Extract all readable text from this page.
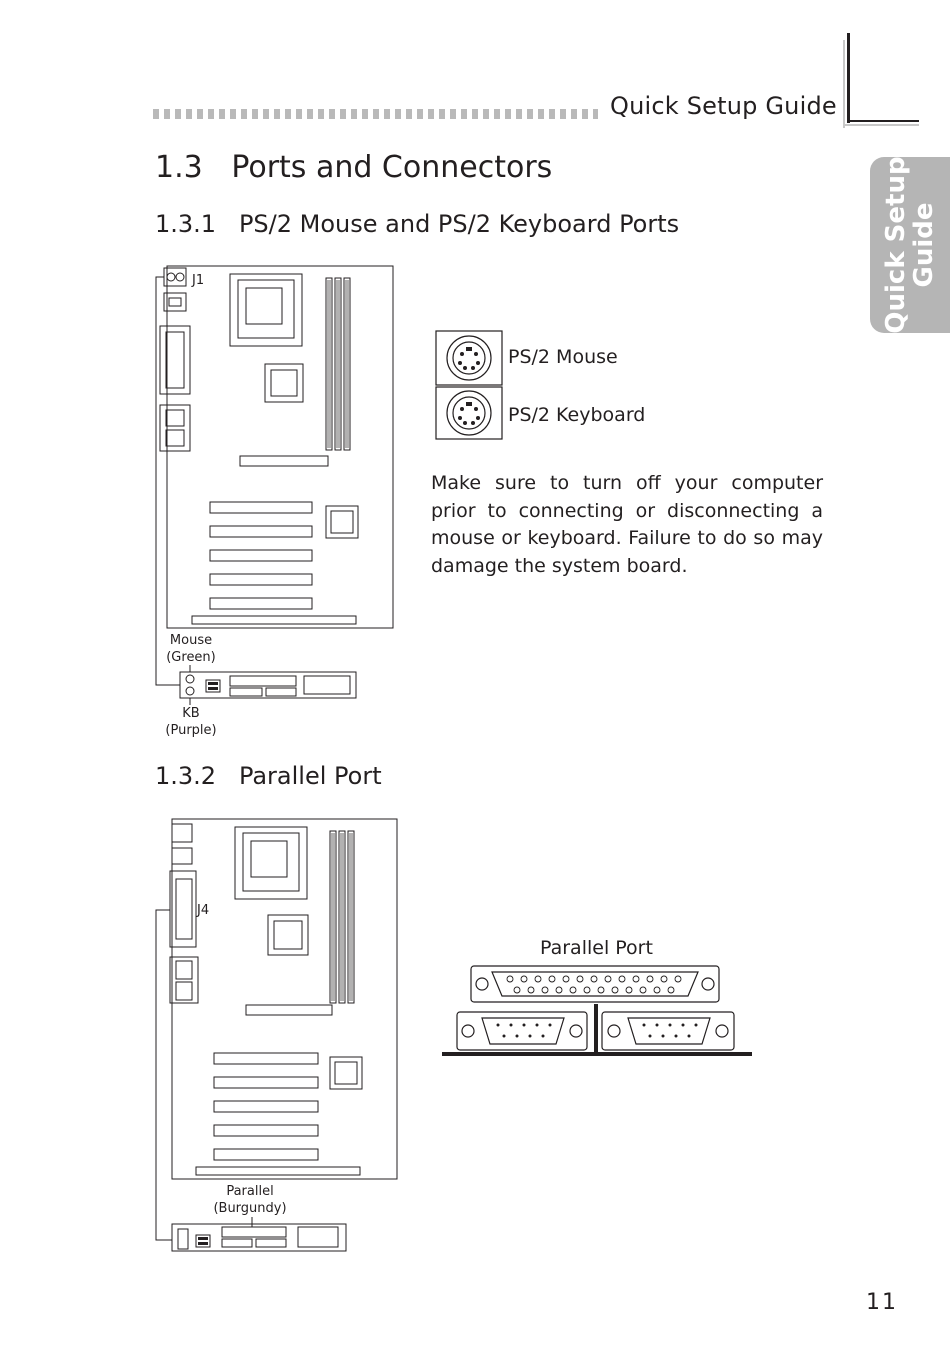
Quick Setup Guide
Quick Setup
Guide
1.3   Ports and Connectors
1.3.1   PS/2 Mouse and PS/2 Keyboard Ports
J1
Mouse
(Green)
KB
(Purple)
PS/2 Mouse
PS/2 Keyboard

Make sure to turn off your computer prior to connecting or disconnecting a mouse or keyboard. Failure to do so may damage the system board.

1.3.2   Parallel Port
J4
Parallel
(Burgundy)
Parallel Port
11
